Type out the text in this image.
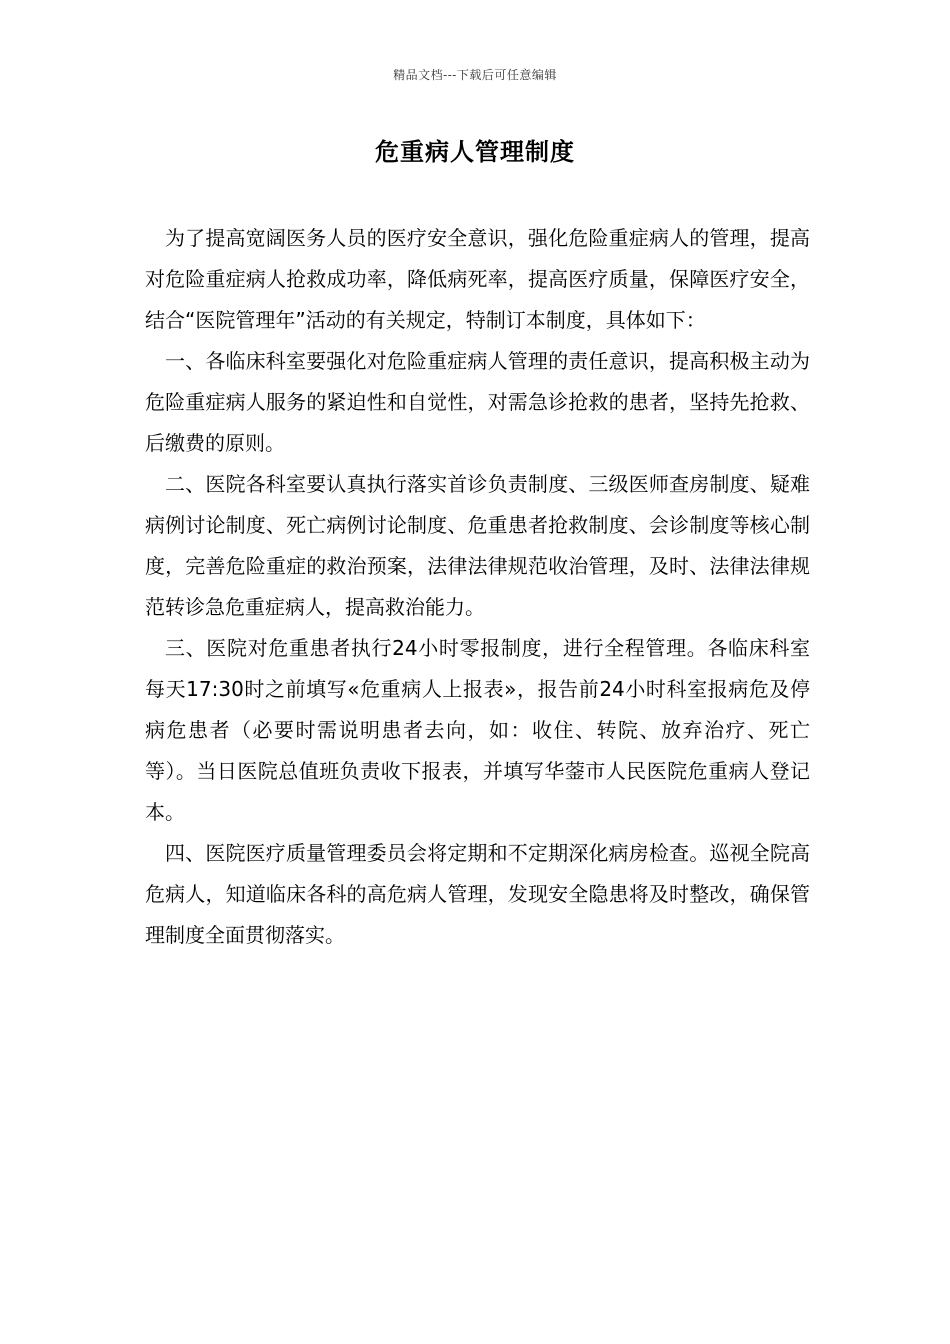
精品文档---下载后可任意编辑
危重病人管理制度

为了提高宽阔医务人员的医疗安全意识，强化危险重症病人的管理，提高对危险重症病人抢救成功率，降低病死率，提高医疗质量，保障医疗安全，结合“医院管理年”活动的有关规定，特制订本制度，具体如下：

一、各临床科室要强化对危险重症病人管理的责任意识，提高积极主动为危险重症病人服务的紧迫性和自觉性，对需急诊抢救的患者，坚持先抢救、后缴费的原则。

二、医院各科室要认真执行落实首诊负责制度、三级医师查房制度、疑难病例讨论制度、死亡病例讨论制度、危重患者抢救制度、会诊制度等核心制度，完善危险重症的救治预案，法律法律规范收治管理，及时、法律法律规范转诊急危重症病人，提高救治能力。

三、医院对危重患者执行24小时零报制度，进行全程管理。各临床科室每天17:30时之前填写«危重病人上报表»，报告前24小时科室报病危及停病危患者（必要时需说明患者去向，如：收住、转院、放弃治疗、死亡等）。当日医院总值班负责收下报表，并填写华蓥市人民医院危重病人登记本。

四、医院医疗质量管理委员会将定期和不定期深化病房检查。巡视全院高危病人，知道临床各科的高危病人管理，发现安全隐患将及时整改，确保管理制度全面贯彻落实。
